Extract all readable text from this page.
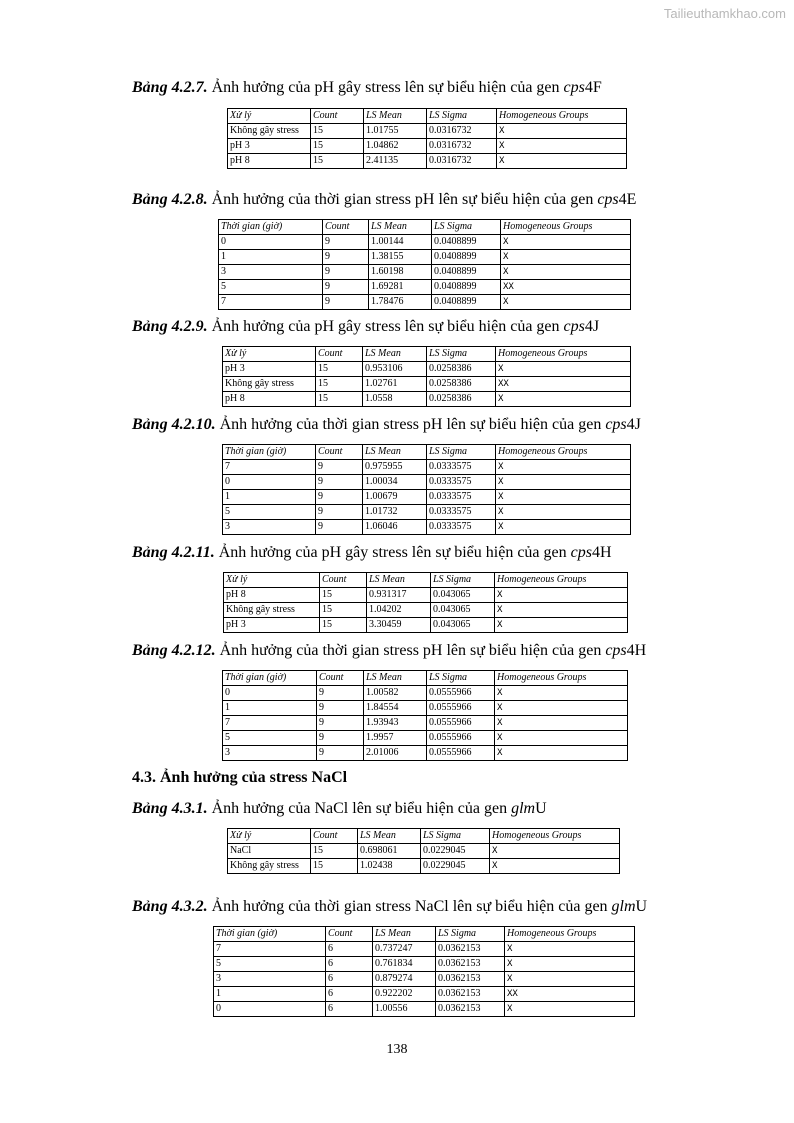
Tailieuthamkhao.com
Bảng 4.2.7. Ảnh hưởng của pH gây stress lên sự biểu hiện của gen cps4F
Xử lý	Count	LS Mean	LS Sigma	Homogeneous Groups
Không gây stress	15	1.01755	0.0316732	X
pH 3	15	1.04862	0.0316732	X
pH 8	15	2.41135	0.0316732	X
Bảng 4.2.8. Ảnh hưởng của thời gian stress pH lên sự biểu hiện của gen cps4E
Thời gian (giờ)	Count	LS Mean	LS Sigma	Homogeneous Groups
0	9	1.00144	0.0408899	X
1	9	1.38155	0.0408899	X
3	9	1.60198	0.0408899	X
5	9	1.69281	0.0408899	XX
7	9	1.78476	0.0408899	X
Bảng 4.2.9. Ảnh hưởng của pH gây stress lên sự biểu hiện của gen cps4J
Xử lý	Count	LS Mean	LS Sigma	Homogeneous Groups
pH 3	15	0.953106	0.0258386	X
Không gây stress	15	1.02761	0.0258386	XX
pH 8	15	1.0558	0.0258386	X
Bảng 4.2.10. Ảnh hưởng của thời gian stress pH lên sự biểu hiện của gen cps4J
Thời gian (giờ)	Count	LS Mean	LS Sigma	Homogeneous Groups
7	9	0.975955	0.0333575	X
0	9	1.00034	0.0333575	X
1	9	1.00679	0.0333575	X
5	9	1.01732	0.0333575	X
3	9	1.06046	0.0333575	X
Bảng 4.2.11. Ảnh hưởng của pH gây stress lên sự biểu hiện của gen cps4H
Xử lý	Count	LS Mean	LS Sigma	Homogeneous Groups
pH 8	15	0.931317	0.043065	X
Không gây stress	15	1.04202	0.043065	X
pH 3	15	3.30459	0.043065	X
Bảng 4.2.12. Ảnh hưởng của thời gian stress pH lên sự biểu hiện của gen cps4H
Thời gian (giờ)	Count	LS Mean	LS Sigma	Homogeneous Groups
0	9	1.00582	0.0555966	X
1	9	1.84554	0.0555966	X
7	9	1.93943	0.0555966	X
5	9	1.9957	0.0555966	X
3	9	2.01006	0.0555966	X
4.3. Ảnh hưởng của stress NaCl
Bảng 4.3.1. Ảnh hưởng của NaCl lên sự biểu hiện của gen glmU
Xử lý	Count	LS Mean	LS Sigma	Homogeneous Groups
NaCl	15	0.698061	0.0229045	X
Không gây stress	15	1.02438	0.0229045	X
Bảng 4.3.2. Ảnh hưởng của thời gian stress NaCl lên sự biểu hiện của gen glmU
Thời gian (giờ)	Count	LS Mean	LS Sigma	Homogeneous Groups
7	6	0.737247	0.0362153	X
5	6	0.761834	0.0362153	X
3	6	0.879274	0.0362153	X
1	6	0.922202	0.0362153	XX
0	6	1.00556	0.0362153	X
138
